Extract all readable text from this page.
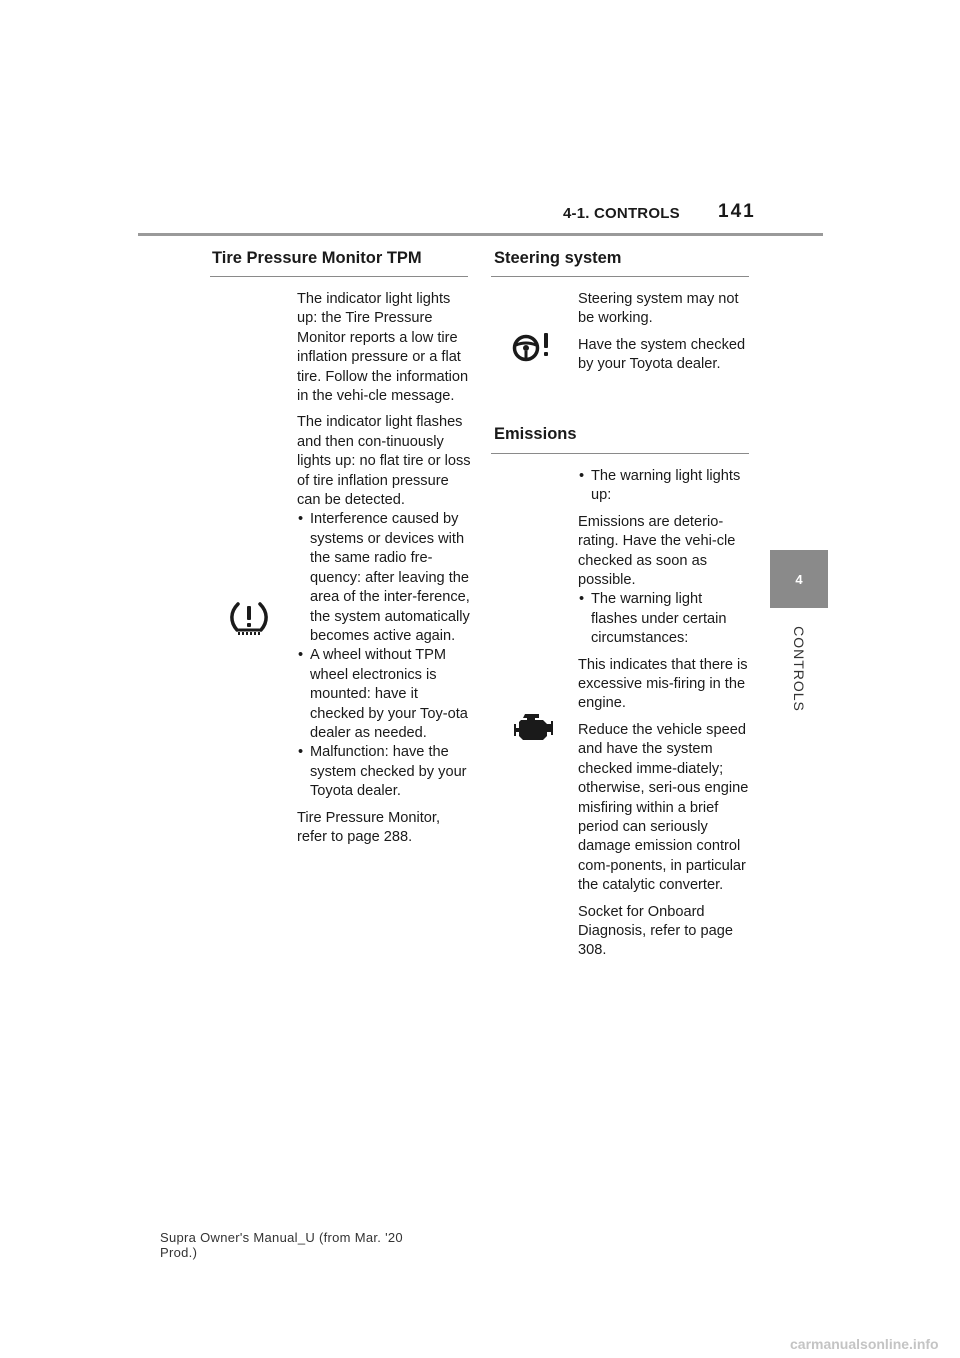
4-1. CONTROLS 141
4
CONTROLS
Tire Pressure Monitor TPM

The indicator light lights up: the Tire Pressure Monitor reports a low tire inflation pressure or a flat tire. Follow the information in the vehi-cle message.

The indicator light flashes and then con-tinuously lights up: no flat tire or loss of tire inflation pressure can be detected.

• Interference caused by systems or devices with the same radio fre-quency: after leaving the area of the inter-ference, the system automatically becomes active again.
• A wheel without TPM wheel electronics is mounted: have it checked by your Toy-ota dealer as needed.
• Malfunction: have the system checked by your Toyota dealer.

Tire Pressure Monitor, refer to page 288.

Steering system

Steering system may not be working.

Have the system checked by your Toyota dealer.

Emissions
• The warning light lights up:

Emissions are deterio-rating. Have the vehi-cle checked as soon as possible.

• The warning light flashes under certain circumstances:

This indicates that there is excessive mis-firing in the engine.

Reduce the vehicle speed and have the system checked imme-diately; otherwise, seri-ous engine misfiring within a brief period can seriously damage emission control com-ponents, in particular the catalytic converter.

Socket for Onboard Diagnosis, refer to page 308.

Supra Owner's Manual_U (from Mar. '20
Prod.)
carmanualsonline.info
